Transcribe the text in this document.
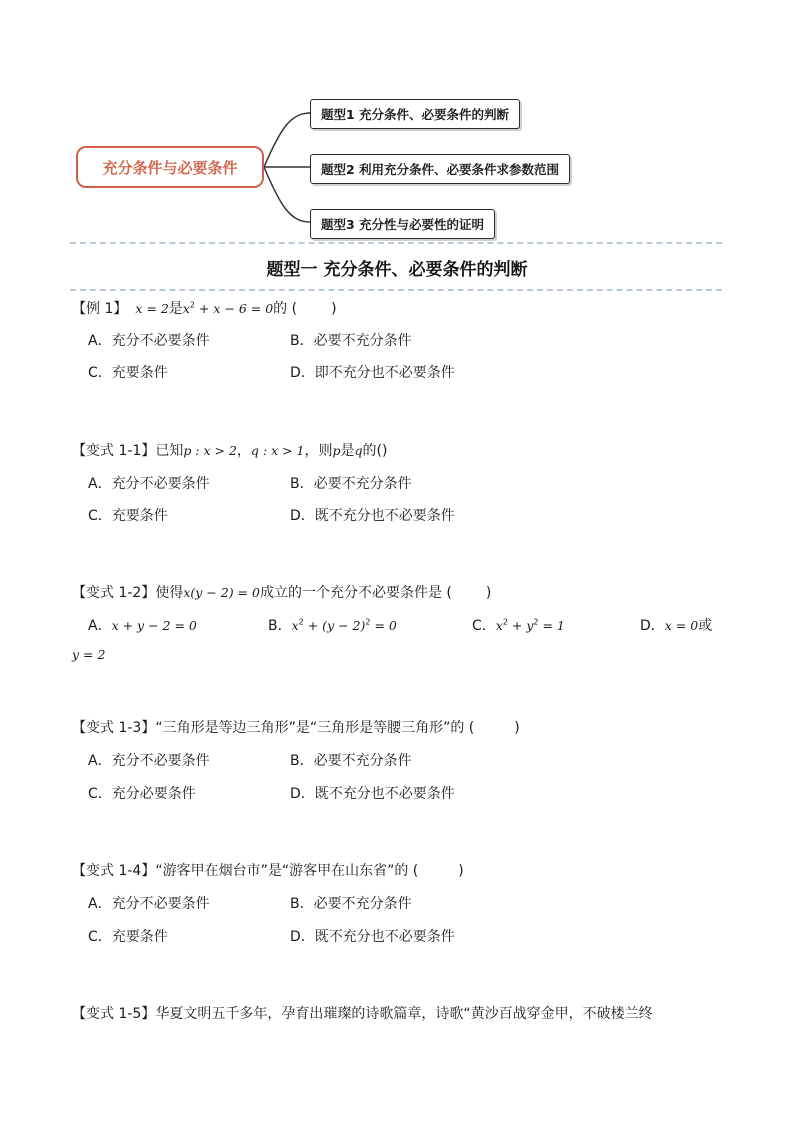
充分条件与必要条件
题型1 充分条件、必要条件的判断
题型2 利用充分条件、必要条件求参数范围
题型3 充分性与必要性的证明
题型一 充分条件、必要条件的判断
【例 1】 x = 2是$x^2 + x - 6 = 0$的 ( )
A．充分不必要条件	B．必要不充分条件
C．充要条件	D．即不充分也不必要条件
【变式 1-1】已知p : x > 2，q : x > 1，则p是q的()
A．充分不必要条件	B．必要不充分条件
C．充要条件	D．既不充分也不必要条件
【变式 1-2】使得x(y − 2) = 0成立的一个充分不必要条件是 ( )
A．x + y − 2 = 0	B．$x^2 + (y - 2)^2 = 0$	C．$x^2 + y^2 = 1$	D．x = 0或
y = 2
【变式 1-3】“三角形是等边三角形”是“三角形是等腰三角形”的 (	)
A．充分不必要条件	B．必要不充分条件
C．充分必要条件	D．既不充分也不必要条件
【变式 1-4】“游客甲在烟台市”是“游客甲在山东省”的 (	)
A．充分不必要条件	B．必要不充分条件
C．充要条件	D．既不充分也不必要条件
【变式 1-5】华夏文明五千多年，孕育出璀璨的诗歌篇章，诗歌“黄沙百战穿金甲，不破楼兰终
